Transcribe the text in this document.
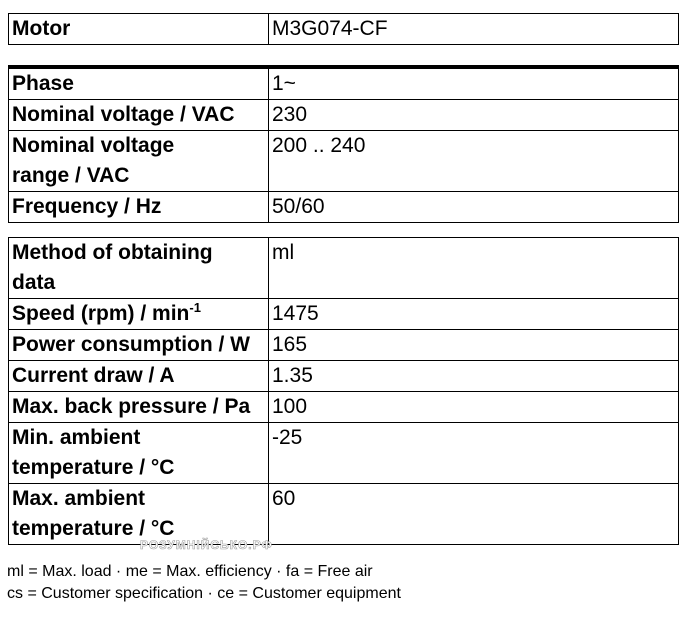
Motor	M3G074-CF
Phase	1~
Nominal voltage / VAC	230
Nominal voltage
range / VAC	200 .. 240
Frequency / Hz	50/60
Method of obtaining
data	ml
Speed $(rpm) / \min^{-1}$	1475
Power consumption / W	165
Current draw / A	1.35
Max. back pressure / Pa	100
Min. ambient
temperature / °C	-25
Max. ambient
temperature / °C	60
РОЗУМНІЙСЬКО.РФ
ml = Max. load · me = Max. efficiency · fa = Free air
cs = Customer specification · ce = Customer equipment
